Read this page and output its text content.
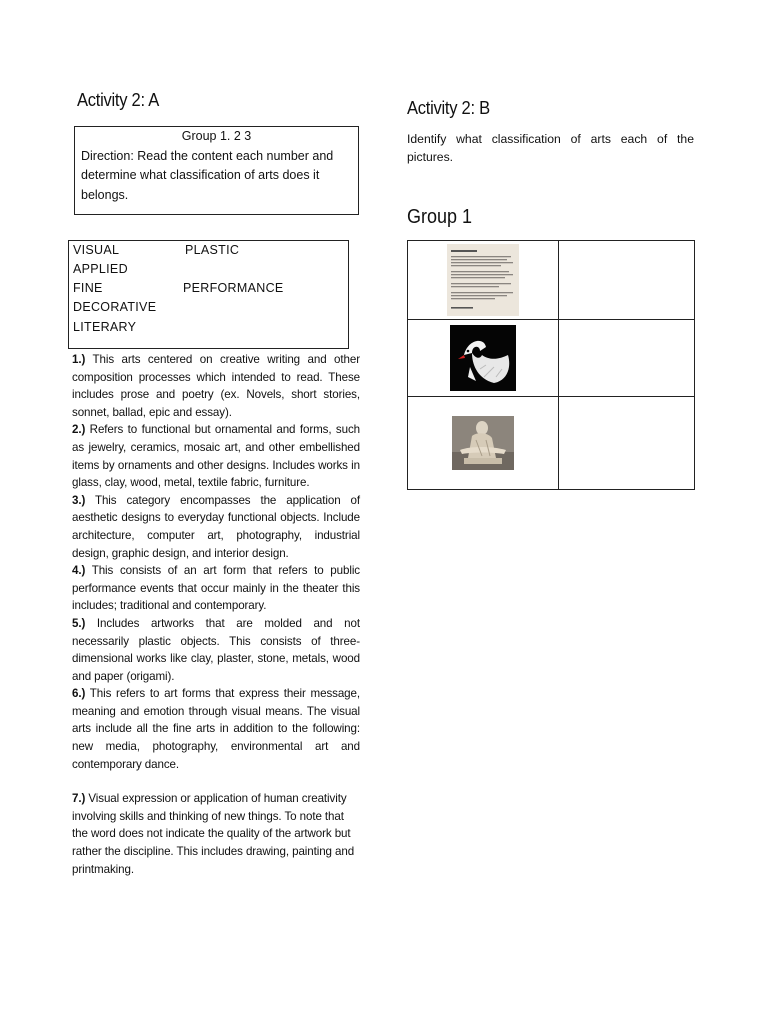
Activity 2: A
Group 1. 2 3
Direction: Read the content each number and determine what classification of arts does it belongs.
VISUAL	PLASTIC
APPLIED
FINE	PERFORMANCE
DECORATIVE
LITERARY

1.) This arts centered on creative writing and other composition processes which intended to read. These includes prose and poetry (ex. Novels, short stories, sonnet, ballad, epic and essay).

2.) Refers to functional but ornamental and forms, such as jewelry, ceramics, mosaic art, and other embellished items by ornaments and other designs. Includes works in glass, clay, wood, metal, textile fabric, furniture.

3.) This category encompasses the application of aesthetic designs to everyday functional objects. Include architecture, computer art, photography, industrial design, graphic design, and interior design.

4.) This consists of an art form that refers to public performance events that occur mainly in the theater this includes; traditional and contemporary.

5.) Includes artworks that are molded and not necessarily plastic objects. This consists of three-dimensional works like clay, plaster, stone, metals, wood and paper (origami).

6.) This refers to art forms that express their message, meaning and emotion through visual means. The visual arts include all the fine arts in addition to the following: new media, photography, environmental art and contemporary dance.

7.) Visual expression or application of human creativity involving skills and thinking of new things. To note that the word does not indicate the quality of the artwork but rather the discipline. This includes drawing, painting and printmaking.

Activity 2: B
Identify what classification of arts each of the pictures.
Group 1
